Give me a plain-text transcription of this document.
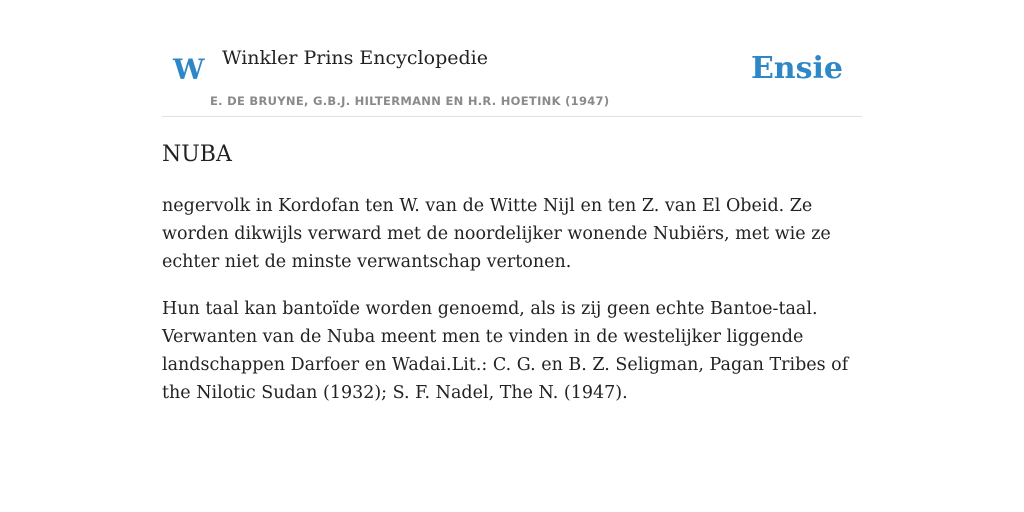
W Winkler Prins Encyclopedie
E. DE BRUYNE, G.B.J. HILTERMANN EN H.R. HOETINK (1947)
Ensie
NUBA

negervolk in Kordofan ten W. van de Witte Nijl en ten Z. van El Obeid. Ze worden dikwijls verward met de noordelijker wonende Nubiërs, met wie ze echter niet de minste verwantschap vertonen.

Hun taal kan bantoïde worden genoemd, als is zij geen echte Bantoe-taal. Verwanten van de Nuba meent men te vinden in de westelijker liggende landschappen Darfoer en Wadai.Lit.: C. G. en B. Z. Seligman, Pagan Tribes of the Nilotic Sudan (1932); S. F. Nadel, The N. (1947).
